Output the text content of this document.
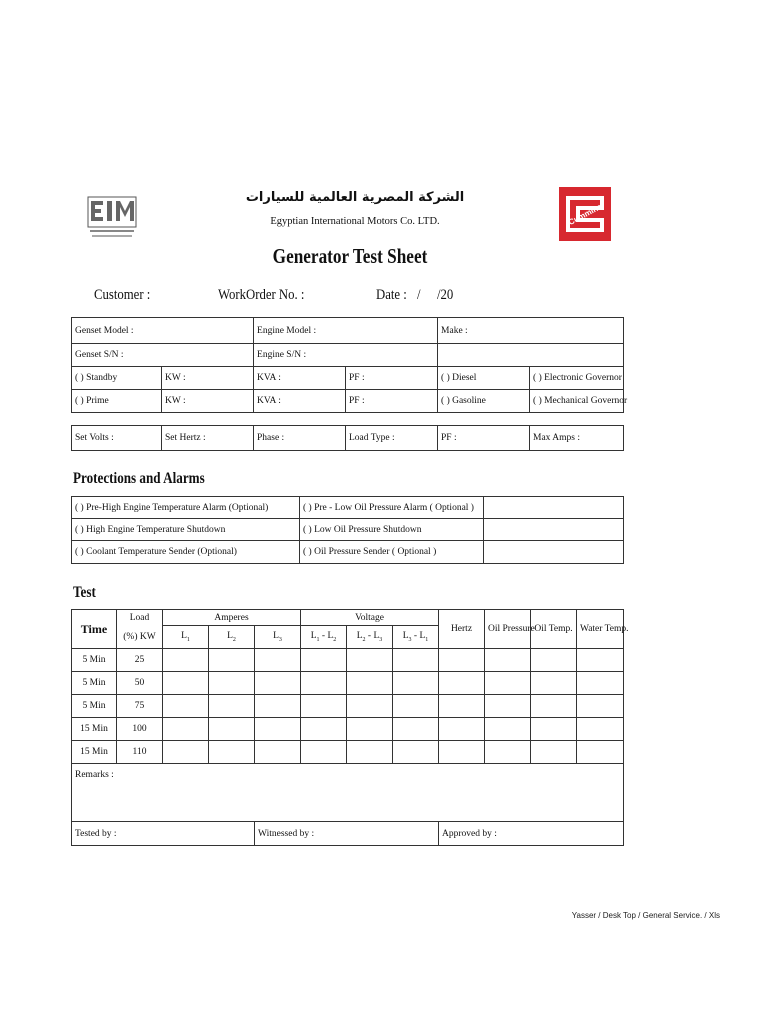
Cummins
الشركة المصرية العالمية للسيارات
Egyptian International Motors Co. LTD.
Generator Test Sheet
Customer :	WorkOrder No. :	Date : / /20
Genset Model :		Engine Model :		Make :	
Genset S/N :		Engine S/N :			
( ) Standby	KW :	KVA :	PF :	( ) Diesel	( ) Electronic Governor
( ) Prime	KW :	KVA :	PF :	( ) Gasoline	( ) Mechanical Governor
Set Volts :	Set Hertz :	Phase :	Load Type :	PF :	Max Amps :
Protections and Alarms
( ) Pre-High Engine Temperature Alarm (Optional)	( ) Pre - Low Oil Pressure Alarm ( Optional )	
( ) High Engine Temperature Shutdown	( ) Low Oil Pressure Shutdown	
( ) Coolant Temperature Sender (Optional)	( ) Oil Pressure Sender ( Optional )	
Test
Time	Load	Amperes			Voltage			Hertz	Oil Pressure	Oil Temp.	Water Temp.
	(%) KW	$L_1$	$L_2$	$L_3$	$L_1 - L_2$	$L_2 - L_3$	$L_3 - L_1$
5 Min	25										
5 Min	50										
5 Min	75										
15 Min	100										
15 Min	110										
Remarks :											
Tested by :				Witnessed by :				Approved by :			
Yasser / Desk Top / General Service. / Xls
